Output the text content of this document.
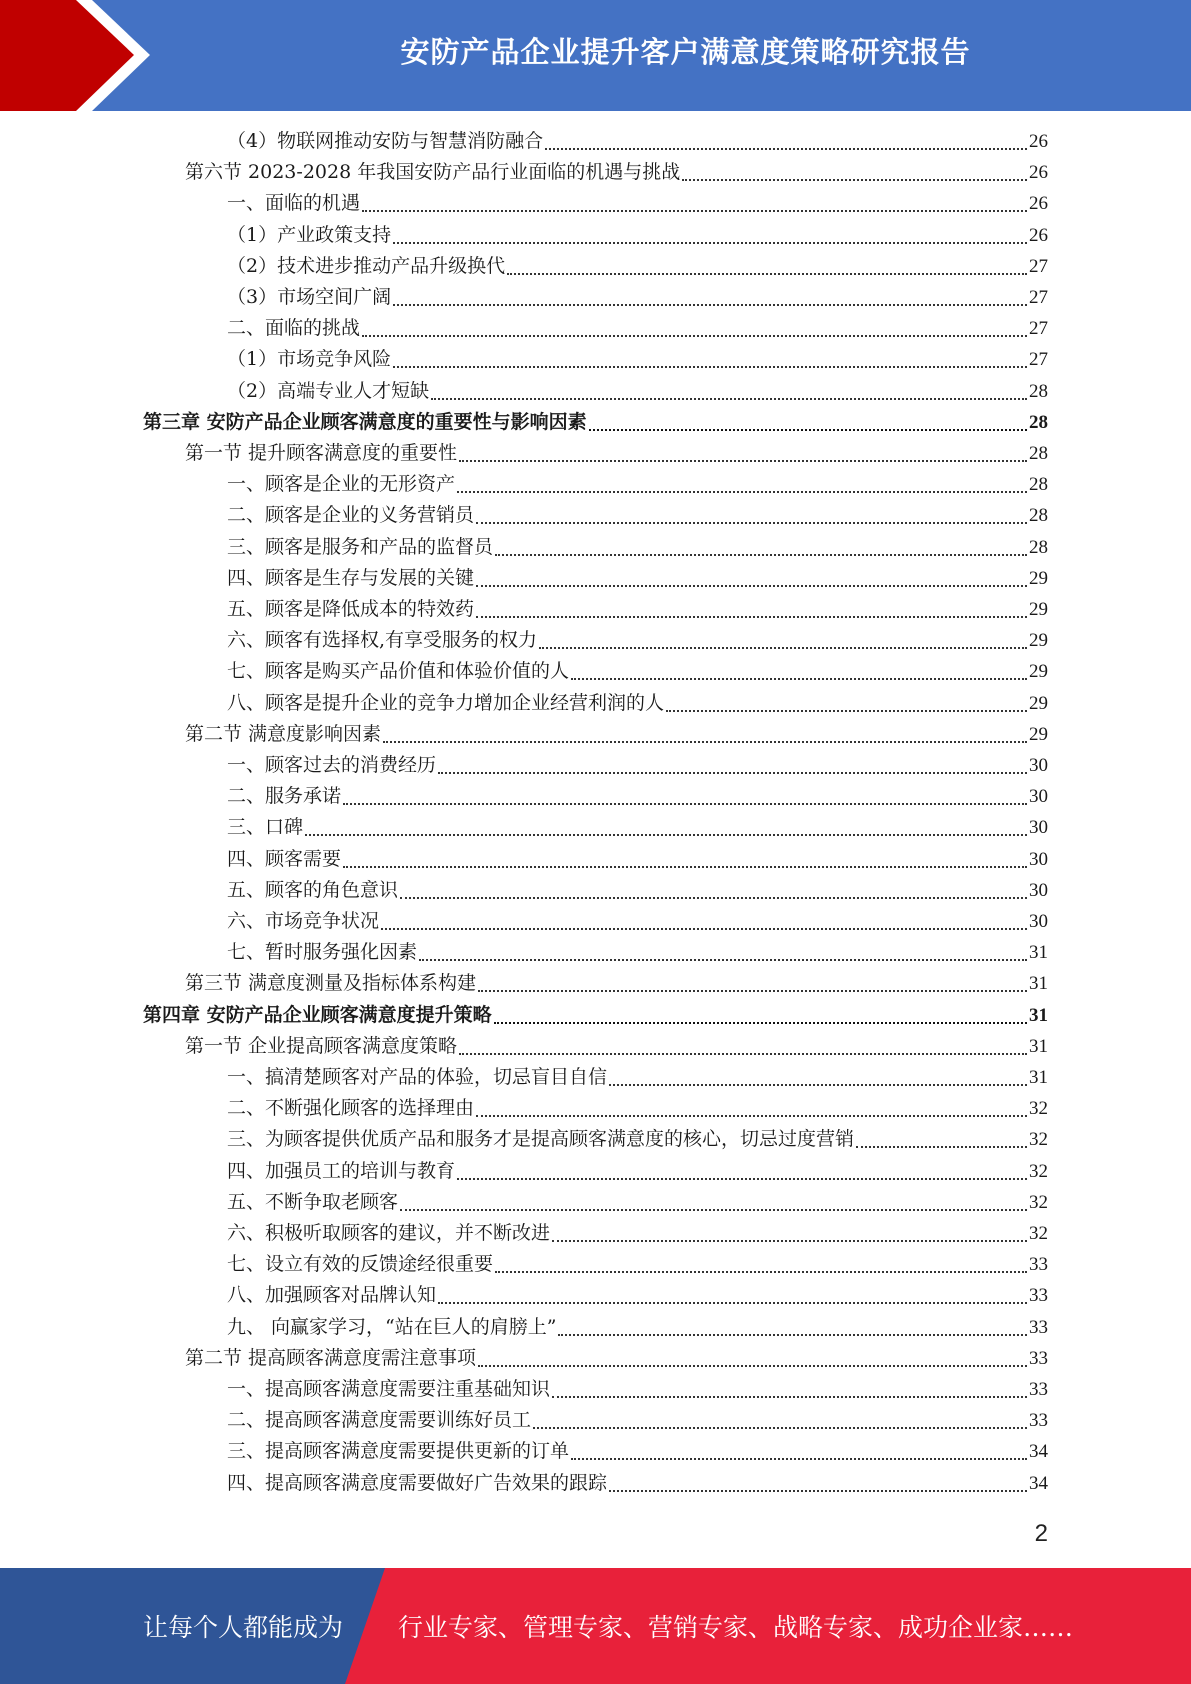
安防产品企业提升客户满意度策略研究报告
（4）物联网推动安防与智慧消防融合	26
第六节 2023-2028 年我国安防产品行业面临的机遇与挑战	26
一、面临的机遇	26
（1）产业政策支持	26
（2）技术进步推动产品升级换代	27
（3）市场空间广阔	27
二、面临的挑战	27
（1）市场竞争风险	27
（2）高端专业人才短缺	28
第三章 安防产品企业顾客满意度的重要性与影响因素	28
第一节 提升顾客满意度的重要性	28
一、顾客是企业的无形资产	28
二、顾客是企业的义务营销员	28
三、顾客是服务和产品的监督员	28
四、顾客是生存与发展的关键	29
五、顾客是降低成本的特效药	29
六、顾客有选择权,有享受服务的权力	29
七、顾客是购买产品价值和体验价值的人	29
八、顾客是提升企业的竞争力增加企业经营利润的人	29
第二节 满意度影响因素	29
一、顾客过去的消费经历	30
二、服务承诺	30
三、口碑	30
四、顾客需要	30
五、顾客的角色意识	30
六、市场竞争状况	30
七、暂时服务强化因素	31
第三节 满意度测量及指标体系构建	31
第四章 安防产品企业顾客满意度提升策略	31
第一节 企业提高顾客满意度策略	31
一、搞清楚顾客对产品的体验，切忌盲目自信	31
二、不断强化顾客的选择理由	32
三、为顾客提供优质产品和服务才是提高顾客满意度的核心，切忌过度营销	32
四、加强员工的培训与教育	32
五、不断争取老顾客	32
六、积极听取顾客的建议，并不断改进	32
七、设立有效的反馈途经很重要	33
八、加强顾客对品牌认知	33
九、 向赢家学习，“站在巨人的肩膀上”	33
第二节 提高顾客满意度需注意事项	33
一、提高顾客满意度需要注重基础知识	33
二、提高顾客满意度需要训练好员工	33
三、提高顾客满意度需要提供更新的订单	34
四、提高顾客满意度需要做好广告效果的跟踪	34
2
让每个人都能成为 行业专家、管理专家、营销专家、战略专家、成功企业家……
